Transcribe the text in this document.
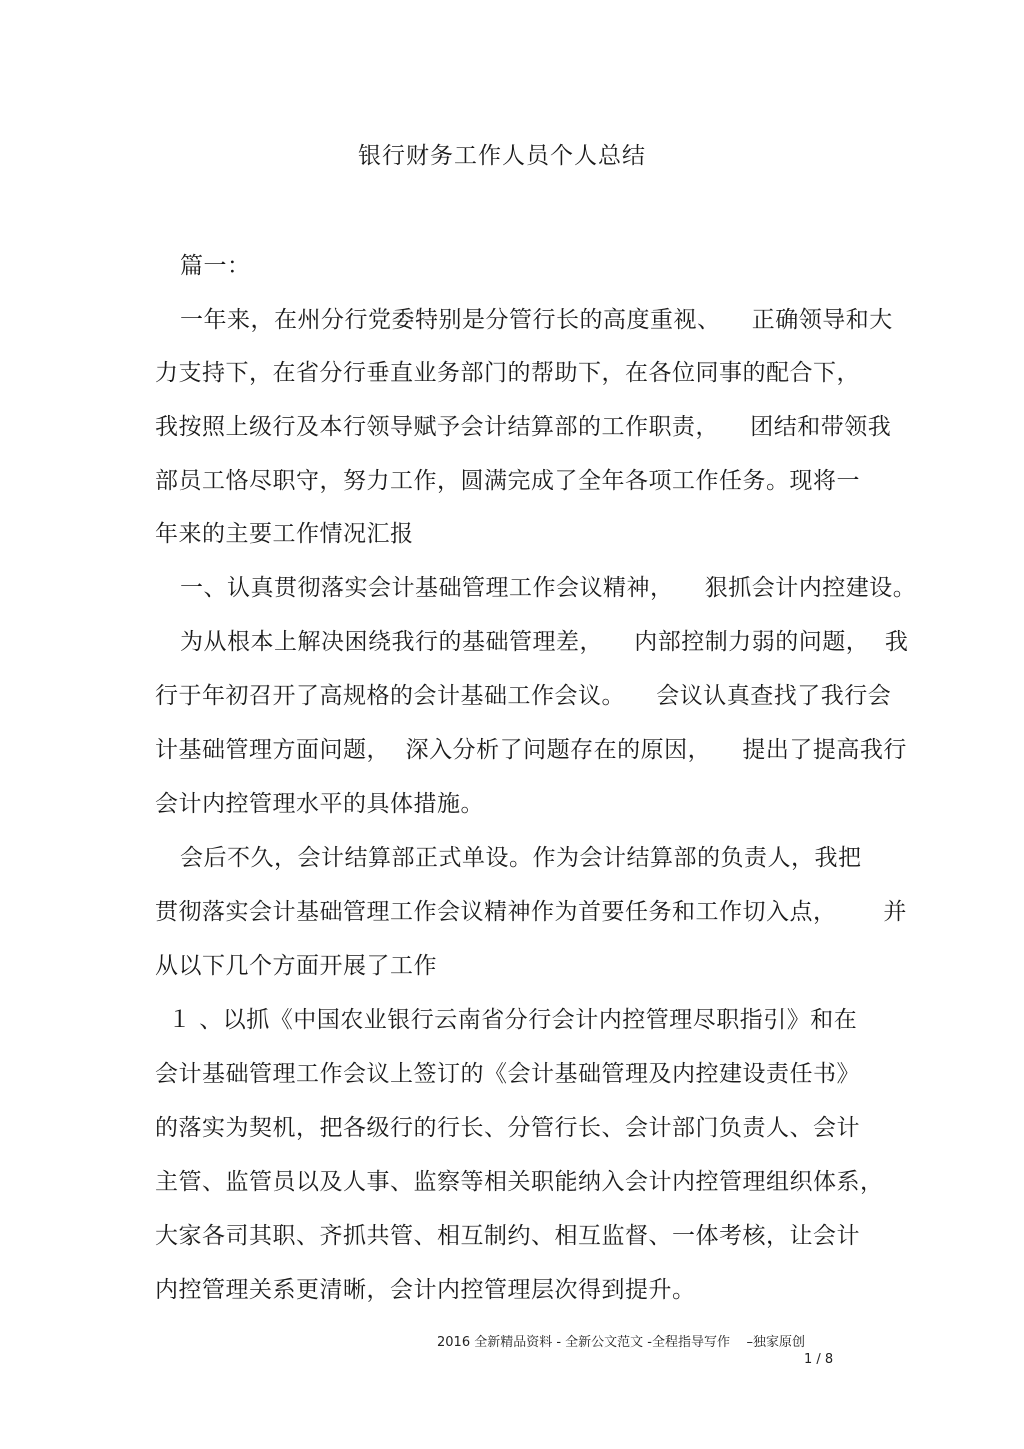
银行财务工作人员个人总结
篇一：
一年来，在州分行党委特别是分管行长的高度重视、    正确领导和大
力支持下，在省分行垂直业务部门的帮助下，在各位同事的配合下，
我按照上级行及本行领导赋予会计结算部的工作职责，    团结和带领我
部员工恪尽职守，努力工作，圆满完成了全年各项工作任务。现将一
年来的主要工作情况汇报
一、认真贯彻落实会计基础管理工作会议精神，    狠抓会计内控建设。
为从根本上解决困绕我行的基础管理差，    内部控制力弱的问题，  我
行于年初召开了高规格的会计基础工作会议。    会议认真查找了我行会
计基础管理方面问题，  深入分析了问题存在的原因，    提出了提高我行
会计内控管理水平的具体措施。
会后不久，会计结算部正式单设。作为会计结算部的负责人，我把
贯彻落实会计基础管理工作会议精神作为首要任务和工作切入点，      并
从以下几个方面开展了工作
１ 、以抓《中国农业银行云南省分行会计内控管理尽职指引》和在
会计基础管理工作会议上签订的《会计基础管理及内控建设责任书》
的落实为契机，把各级行的行长、分管行长、会计部门负责人、会计
主管、监管员以及人事、监察等相关职能纳入会计内控管理组织体系，
大家各司其职、齐抓共管、相互制约、相互监督、一体考核，让会计
内控管理关系更清晰，会计内控管理层次得到提升。
2016 全新精品资料 - 全新公文范文 -全程指导写作    –独家原创
1 / 8
